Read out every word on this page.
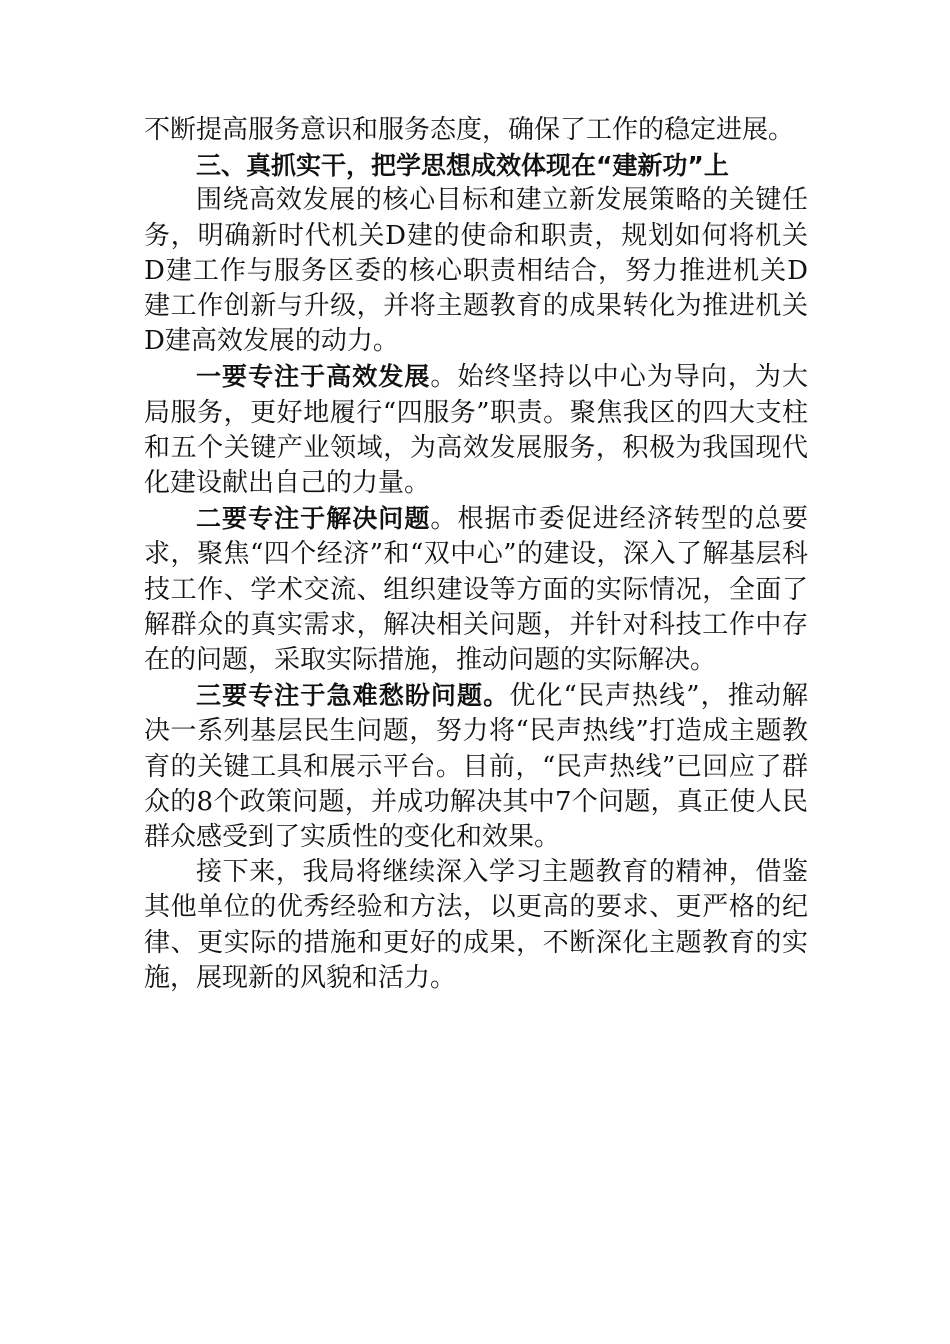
不断提高服务意识和服务态度，确保了工作的稳定进展。

三、真抓实干，把学思想成效体现在“建新功”上

围绕高效发展的核心目标和建立新发展策略的关键任务，明确新时代机关D建的使命和职责，规划如何将机关D建工作与服务区委的核心职责相结合，努力推进机关D建工作创新与升级，并将主题教育的成果转化为推进机关D建高效发展的动力。

一要专注于高效发展。始终坚持以中心为导向，为大局服务，更好地履行“四服务”职责。聚焦我区的四大支柱和五个关键产业领域，为高效发展服务，积极为我国现代化建设献出自己的力量。

二要专注于解决问题。根据市委促进经济转型的总要求，聚焦“四个经济”和“双中心”的建设，深入了解基层科技工作、学术交流、组织建设等方面的实际情况，全面了解群众的真实需求，解决相关问题，并针对科技工作中存在的问题，采取实际措施，推动问题的实际解决。

三要专注于急难愁盼问题。优化“民声热线”，推动解决一系列基层民生问题，努力将“民声热线”打造成主题教育的关键工具和展示平台。目前，“民声热线”已回应了群众的8个政策问题，并成功解决其中7个问题，真正使人民群众感受到了实质性的变化和效果。

接下来，我局将继续深入学习主题教育的精神，借鉴其他单位的优秀经验和方法，以更高的要求、更严格的纪律、更实际的措施和更好的成果，不断深化主题教育的实施，展现新的风貌和活力。
